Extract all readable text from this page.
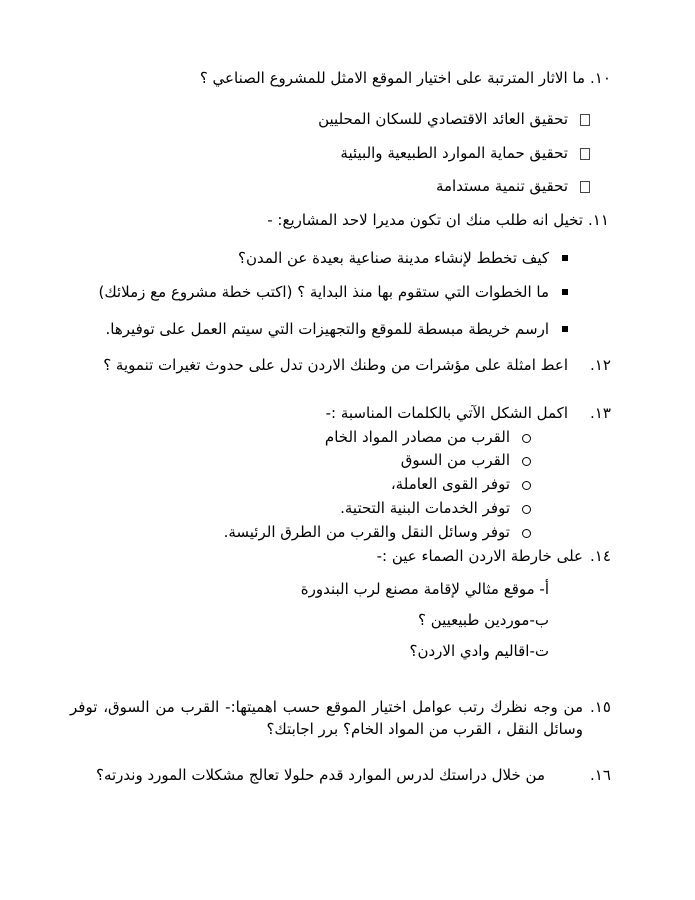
.١٠
ما الاثار المترتبة على اختيار الموقع الامثل للمشروع الصناعي ؟
تحقيق العائد الاقتصادي للسكان المحليين
تحقيق حماية الموارد الطبيعية والبيئية
تحقيق تنمية مستدامة
.١١
تخيل انه طلب منك ان تكون مديرا لاحد المشاريع: -
كيف تخطط لإنشاء مدينة صناعية بعيدة عن المدن؟
ما الخطوات التي ستقوم بها منذ البداية ؟ (اكتب خطة مشروع مع زملائك)
ارسم خريطة مبسطة للموقع والتجهيزات التي سيتم العمل على توفيرها.
.١٢
اعط امثلة على مؤشرات من وطنك الاردن تدل على حدوث تغيرات تنموية ؟
.١٣
اكمل الشكل الآتي بالكلمات المناسبة :-
القرب من مصادر المواد الخام
القرب من السوق
توفر القوى العاملة،
توفر الخدمات البنية التحتية.
توفر وسائل النقل والقرب من الطرق الرئيسة.
.١٤
على خارطة الاردن الصماء عين :-
أ- موقع مثالي لإقامة مصنع لرب البندورة
ب-موردين طبيعيين ؟
ت-اقاليم وادي الاردن؟
.١٥
من وجه نظرك رتب عوامل اختيار الموقع حسب اهميتها:- القرب من السوق، توفر وسائل النقل ، القرب من المواد الخام؟ برر اجابتك؟
.١٦
من خلال دراستك لدرس الموارد قدم حلولا تعالج مشكلات المورد وندرته؟
